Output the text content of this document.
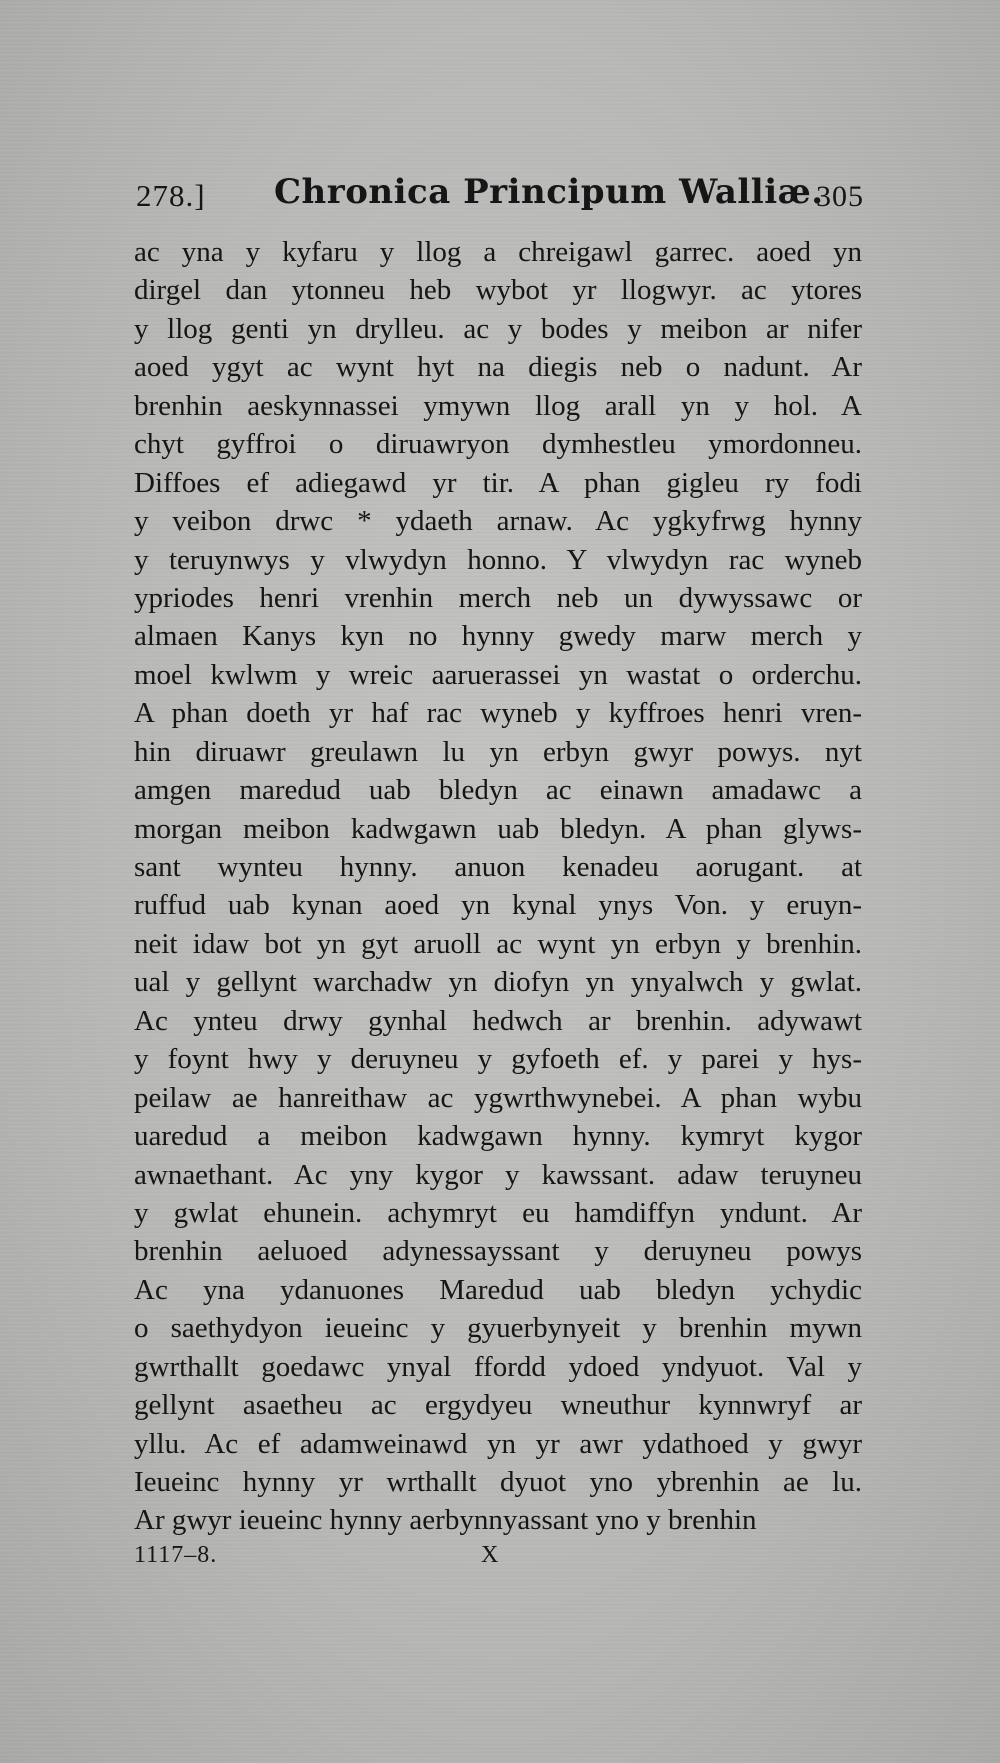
278.] Chronica Principum Walliæ.
305
ac yna y kyfaru y llog a chreigawl garrec. aoed yn
dirgel dan ytonneu heb wybot yr llogwyr. ac ytores
y llog genti yn drylleu. ac y bodes y meibon ar nifer
aoed ygyt ac wynt hyt na diegis neb o nadunt. Ar
brenhin aeskynnassei ymywn llog arall yn y hol. A
chyt gyffroi o diruawryon dymhestleu ymordonneu.
Diffoes ef adiegawd yr tir. A phan gigleu ry fodi
y veibon drwc * ydaeth arnaw. Ac ygkyfrwg hynny
y teruynwys y vlwydyn honno. Y vlwydyn rac wyneb
ypriodes henri vrenhin merch neb un dywyssawc or
almaen Kanys kyn no hynny gwedy marw merch y
moel kwlwm y wreic aaruerassei yn wastat o orderchu.
A phan doeth yr haf rac wyneb y kyffroes henri vren-
hin diruawr greulawn lu yn erbyn gwyr powys. nyt
amgen maredud uab bledyn ac einawn amadawc a
morgan meibon kadwgawn uab bledyn. A phan glyws-
sant wynteu hynny. anuon kenadeu aorugant. at
ruffud uab kynan aoed yn kynal ynys Von. y eruyn-
neit idaw bot yn gyt aruoll ac wynt yn erbyn y brenhin.
ual y gellynt warchadw yn diofyn yn ynyalwch y gwlat.
Ac ynteu drwy gynhal hedwch ar brenhin. adywawt
y foynt hwy y deruyneu y gyfoeth ef. y parei y hys-
peilaw ae hanreithaw ac ygwrthwynebei. A phan wybu
uaredud a meibon kadwgawn hynny. kymryt kygor
awnaethant. Ac yny kygor y kawssant. adaw teruyneu
y gwlat ehunein. achymryt eu hamdiffyn yndunt. Ar
brenhin aeluoed adynessayssant y deruyneu powys
Ac yna ydanuones Maredud uab bledyn ychydic
o saethydyon ieueinc y gyuerbynyeit y brenhin mywn
gwrthallt goedawc ynyal ffordd ydoed yndyuot. Val y
gellynt asaetheu ac ergydyeu wneuthur kynnwryf ar
yllu. Ac ef adamweinawd yn yr awr ydathoed y gwyr
Ieueinc hynny yr wrthallt dyuot yno ybrenhin ae lu.
Ar gwyr ieueinc hynny aerbynnyassant yno y brenhin
1117–8.	X
